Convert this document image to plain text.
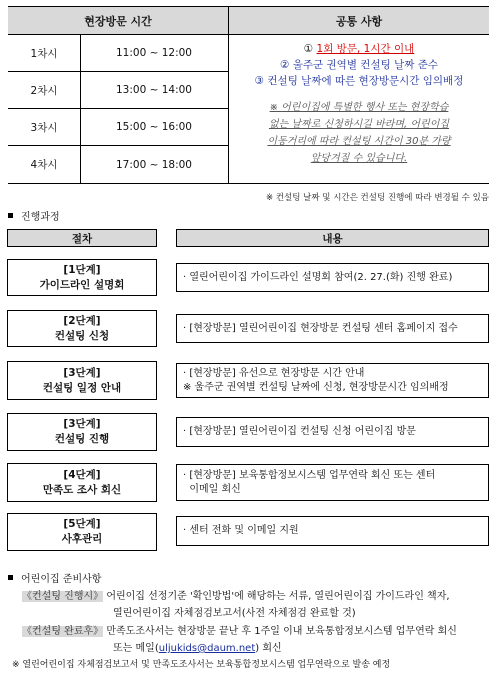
현장방문 시간	공통 사항
1차시	11:00 ~ 12:00
2차시	13:00 ~ 14:00
3차시	15:00 ~ 16:00
4차시	17:00 ~ 18:00
① 1회 방문, 1시간 이내
② 울주군 권역별 컨설팅 날짜 준수
③ 컨설팅 날짜에 따른 현장방문시간 임의배정
※ 어린이집에 특별한 행사 또는 현장학습
없는 날짜로 신청하시길 바라며, 어린이집
이동거리에 따라 컨설팅 시간이 30분 가량
앞당겨질 수 있습니다.
※ 컨설팅 날짜 및 시간은 컨설팅 진행에 따라 변경될 수 있음
진행과정
절차	내용
[1단계]
가이드라인 설명회
· 열린어린이집 가이드라인 설명회 참여(2. 27.(화) 진행 완료)
[2단계]
컨설팅 신청
· [현장방문] 열린어린이집 현장방문 컨설팅 센터 홈페이지 접수
[3단계]
컨설팅 일정 안내
· [현장방문] 유선으로 현장방문 시간 안내
※ 울주군 권역별 컨설팅 날짜에 신청, 현장방문시간 임의배정
[3단계]
컨설팅 진행
· [현장방문] 열린어린이집 컨설팅 신청 어린이집 방문
[4단계]
만족도 조사 회신
· [현장방문] 보육통합정보시스템 업무연락 회신 또는 센터
이메일 회신
[5단계]
사후관리
· 센터 전화 및 이메일 지원
어린이집 준비사항
《컨설팅 진행시》 어린이집 선정기준 '확인방법'에 해당하는 서류, 열린어린이집 가이드라인 책자,
열린어린이집 자체점검보고서(사전 자체점검 완료할 것)
《컨설팅 완료후》 만족도조사서는 현장방문 끝난 후 1주일 이내 보육통합정보시스템 업무연락 회신
또는 메일(uljukids@daum.net) 회신
※ 열린어린이집 자체점검보고서 및 만족도조사서는 보육통합정보시스템 업무연락으로 발송 예정
